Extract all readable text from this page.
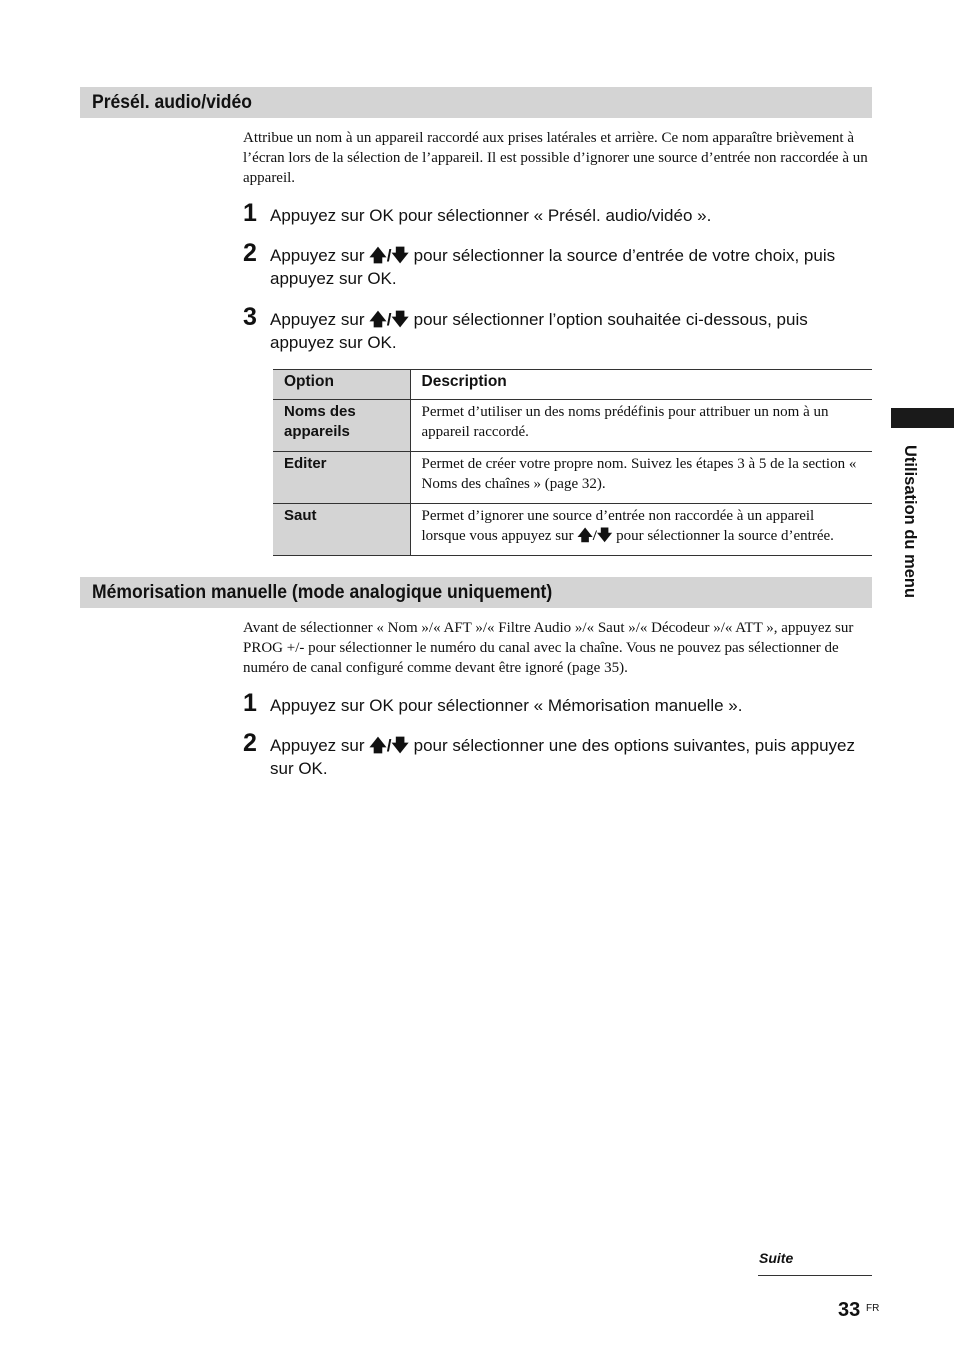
Présél. audio/vidéo

Attribue un nom à un appareil raccordé aux prises latérales et arrière. Ce nom apparaître brièvement à l’écran lors de la sélection de l’appareil. Il est possible d’ignorer une source d’entrée non raccordée à un appareil.

1 Appuyez sur OK pour sélectionner « Présél. audio/vidéo ».

2 Appuyez sur 🡅/🡇 pour sélectionner la source d’entrée de votre choix, puis appuyez sur OK.

3 Appuyez sur 🡅/🡇 pour sélectionner l’option souhaitée ci-dessous, puis appuyez sur OK.

Option	Description
Noms des appareils	Permet d’utiliser un des noms prédéfinis pour attribuer un nom à un appareil raccordé.
Editer	Permet de créer votre propre nom. Suivez les étapes 3 à 5 de la section « Noms des chaînes » (page 32).
Saut	Permet d’ignorer une source d’entrée non raccordée à un appareil lorsque vous appuyez sur 🡅/🡇 pour sélectionner la source d’entrée.
Mémorisation manuelle (mode analogique uniquement)

Avant de sélectionner « Nom »/« AFT »/« Filtre Audio »/« Saut »/« Décodeur »/« ATT », appuyez sur PROG +/- pour sélectionner le numéro du canal avec la chaîne. Vous ne pouvez pas sélectionner de numéro de canal configuré comme devant être ignoré (page 35).

1 Appuyez sur OK pour sélectionner « Mémorisation manuelle ».

2 Appuyez sur 🡅/🡇 pour sélectionner une des options suivantes, puis appuyez sur OK.

Utilisation du menu
Suite
33 FR
